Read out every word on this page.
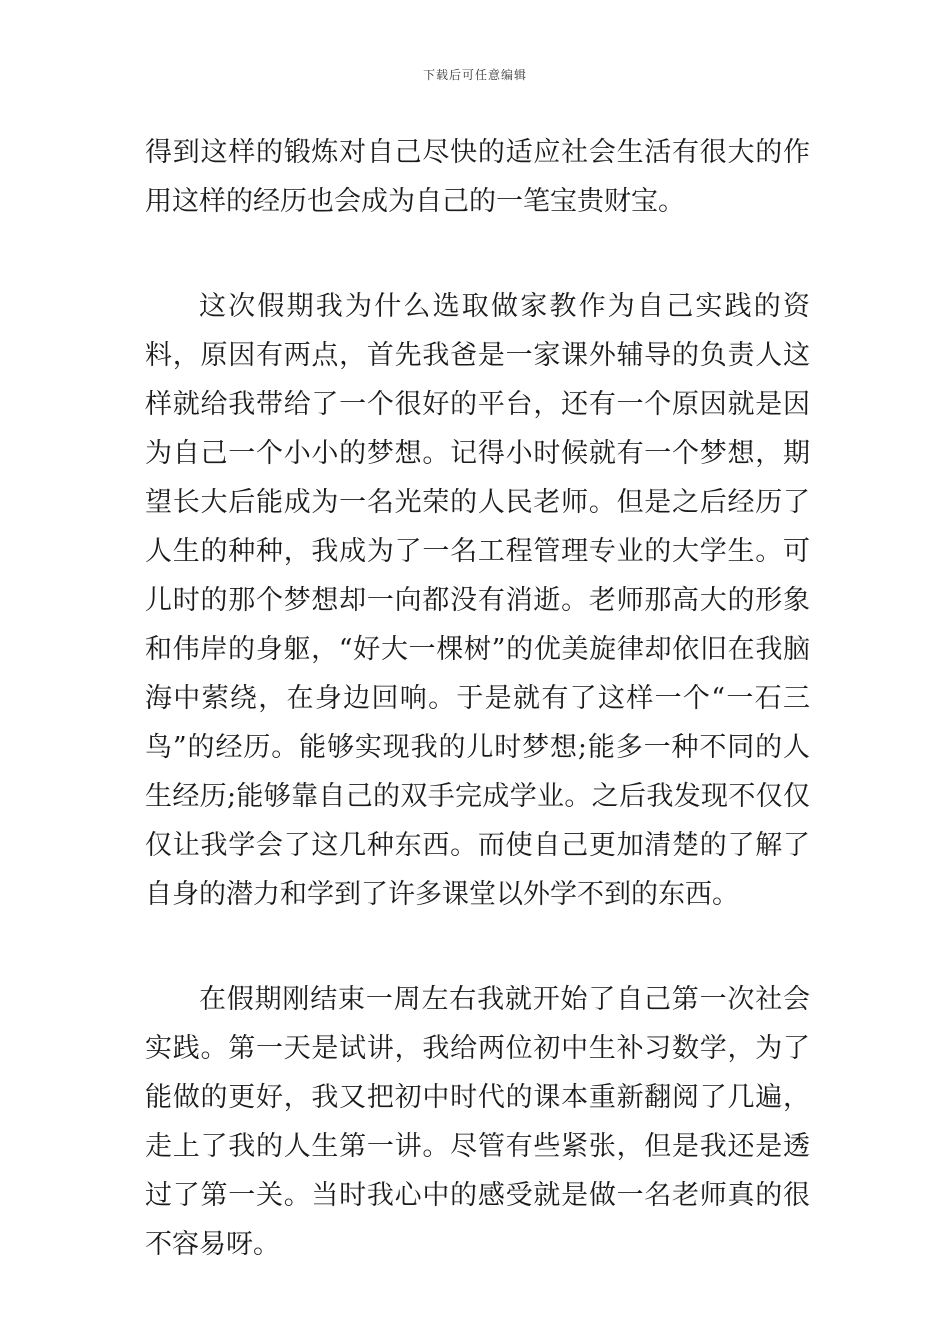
下载后可任意编辑

得到这样的锻炼对自己尽快的适应社会生活有很大的作用这样的经历也会成为自己的一笔宝贵财宝。

这次假期我为什么选取做家教作为自己实践的资料，原因有两点，首先我爸是一家课外辅导的负责人这样就给我带给了一个很好的平台，还有一个原因就是因为自己一个小小的梦想。记得小时候就有一个梦想，期望长大后能成为一名光荣的人民老师。但是之后经历了人生的种种，我成为了一名工程管理专业的大学生。可儿时的那个梦想却一向都没有消逝。老师那高大的形象和伟岸的身躯，“好大一棵树”的优美旋律却依旧在我脑海中萦绕，在身边回响。于是就有了这样一个“一石三鸟”的经历。能够实现我的儿时梦想;能多一种不同的人生经历;能够靠自己的双手完成学业。之后我发现不仅仅仅让我学会了这几种东西。而使自己更加清楚的了解了自身的潜力和学到了许多课堂以外学不到的东西。

在假期刚结束一周左右我就开始了自己第一次社会实践。第一天是试讲，我给两位初中生补习数学，为了能做的更好，我又把初中时代的课本重新翻阅了几遍，走上了我的人生第一讲。尽管有些紧张，但是我还是透过了第一关。当时我心中的感受就是做一名老师真的很不容易呀。
